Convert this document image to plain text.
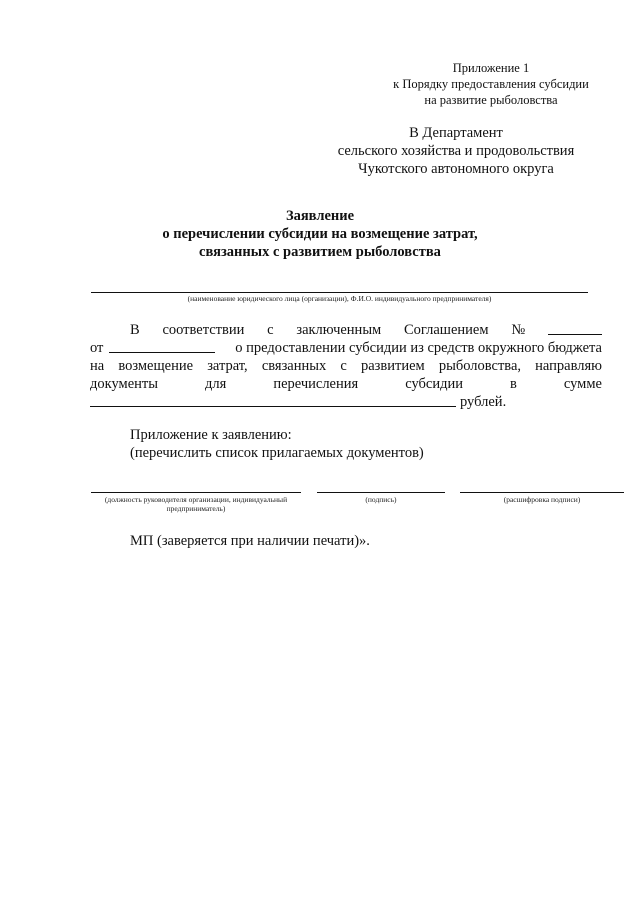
Приложение 1
к Порядку предоставления субсидии
на развитие рыболовства
В Департамент
сельского хозяйства и продовольствия
Чукотского автономного округа
Заявление
о перечислении субсидии на возмещение затрат,
связанных с развитием рыболовства
(наименование юридического лица (организации), Ф.И.О. индивидуального предпринимателя)
В соответствии с заключенным Соглашением №
от	о предоставлении субсидии из средств окружного бюджета
на возмещение затрат, связанных с развитием рыболовства, направляю
документы	для	перечисления	субсидии	в	сумме
рублей.
Приложение к заявлению:
(перечислить список прилагаемых документов)
(должность руководителя организации, индивидуальный предприниматель)
(подпись)	(расшифровка подписи)
МП (заверяется при наличии печати)».
